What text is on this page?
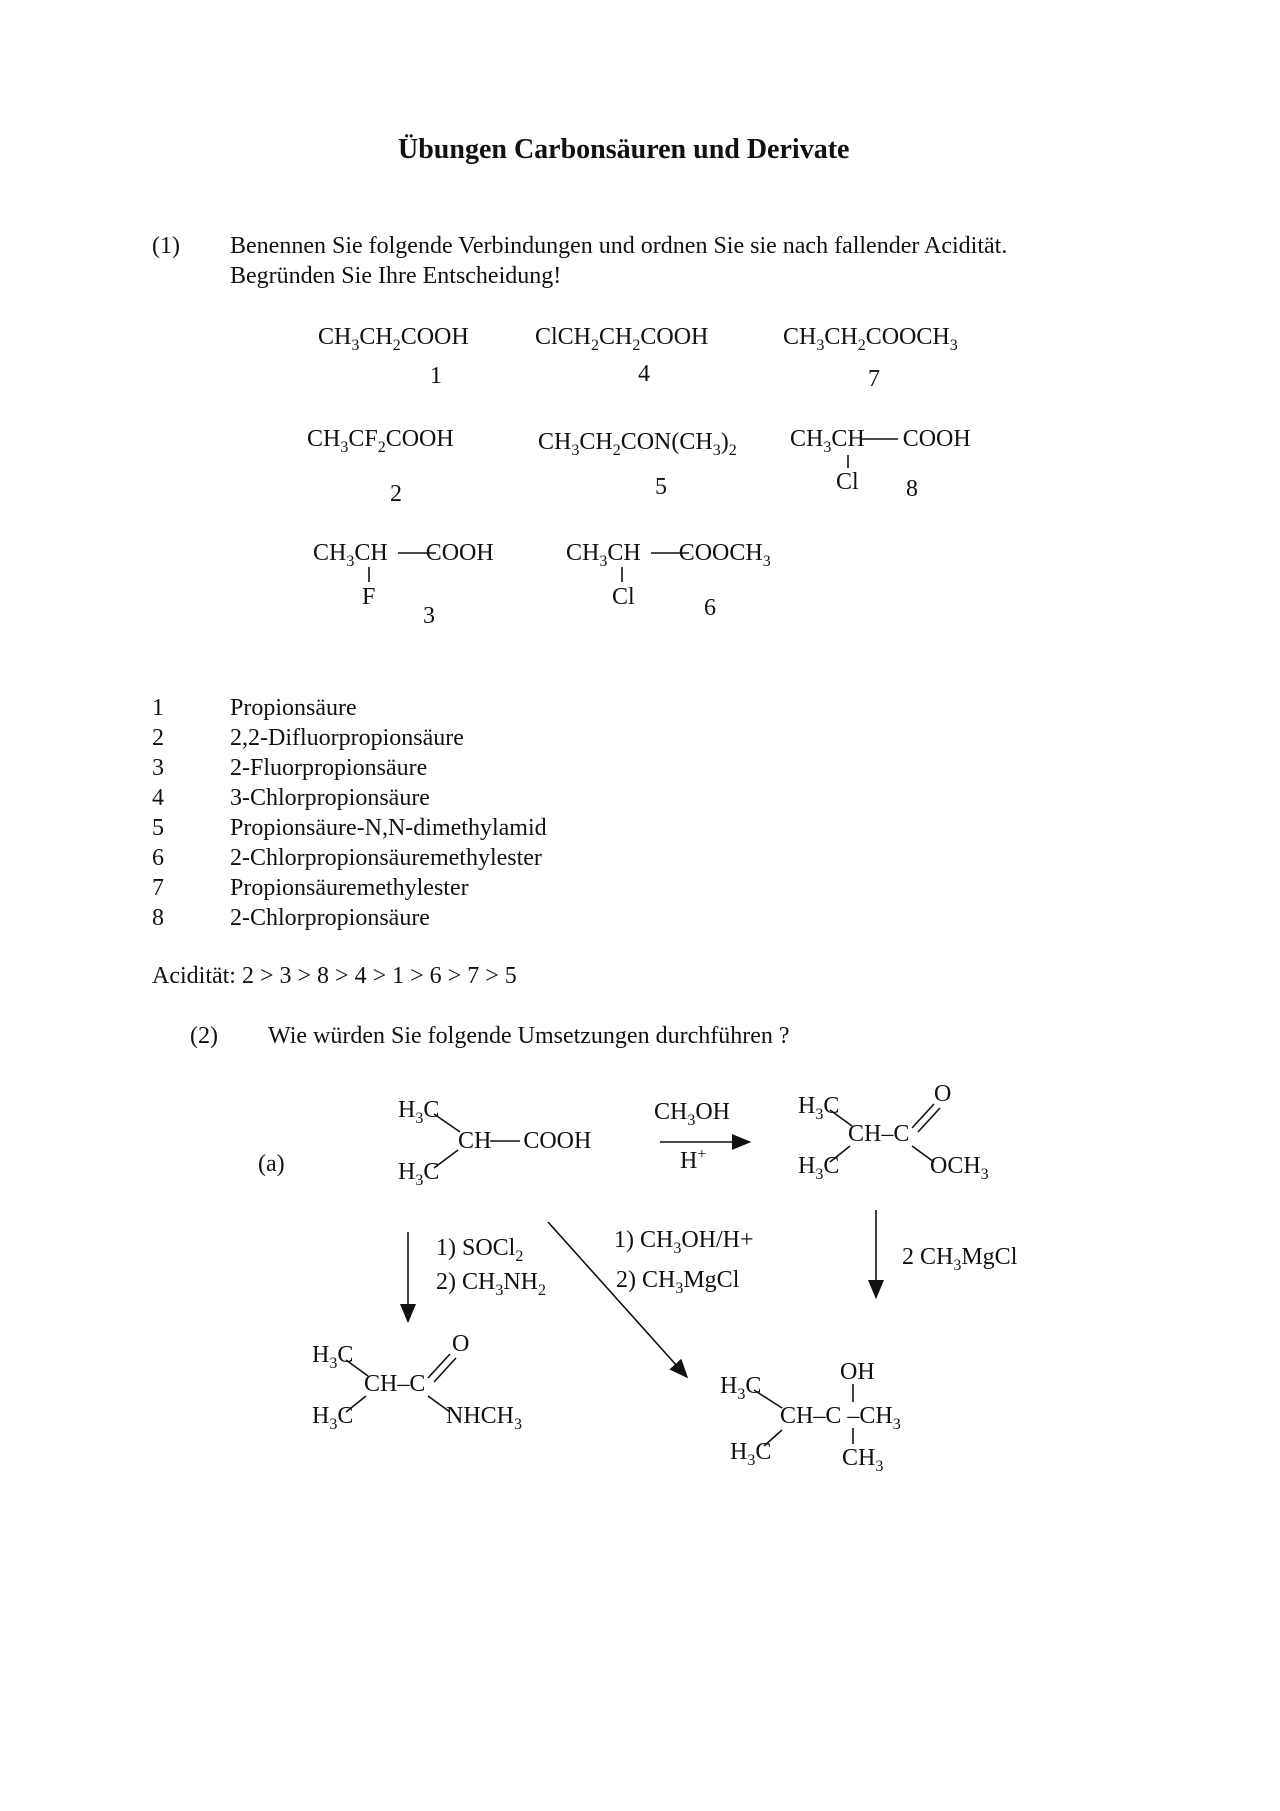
Übungen Carbonsäuren und Derivate
(1) Benennen Sie folgende Verbindungen und ordnen Sie sie nach fallender Acidität.
Begründen Sie Ihre Entscheidung!
$CH_3CH_2COOH$
1
$ClCH_2CH_2COOH$
4
$CH_3CH_2COOCH_3$
7
$CH_3CF_2COOH$
2
$CH_3CH_2CON(CH_3)_2$
5
$CH_3CH$ COOH
Cl 8
$CH_3CH$ COOH
F
3
$CH_3CH$ $COOCH_3$
Cl	6
1	Propionsäure
2	2,2-Difluorpropionsäure
3	2-Fluorpropionsäure
4	3-Chlorpropionsäure
5	Propionsäure-N,N-dimethylamid
6	2-Chlorpropionsäuremethylester
7	Propionsäuremethylester
8	2-Chlorpropionsäure
Acidität: 2 > 3 > 8 > 4 > 1 > 6 > 7 > 5
(2) Wie würden Sie folgende Umsetzungen durchführen ?
(a)
$H_3C$
CH COOH
$H_3C$
$CH_3OH$
H+
$H_3C$	O
CH–C
$H_3C$	$OCH_3$
1) SOCl$_2$
2) $CH_3NH_2$
1) $CH_3OH/H+$
2) $CH_3MgCl$
2 $CH_3MgCl$
$H_3C$	O
CH–C
$H_3C$	$NHCH_3$
$H_3C$
OH
CH–C $-CH_3$
$H_3C$	$CH_3$
